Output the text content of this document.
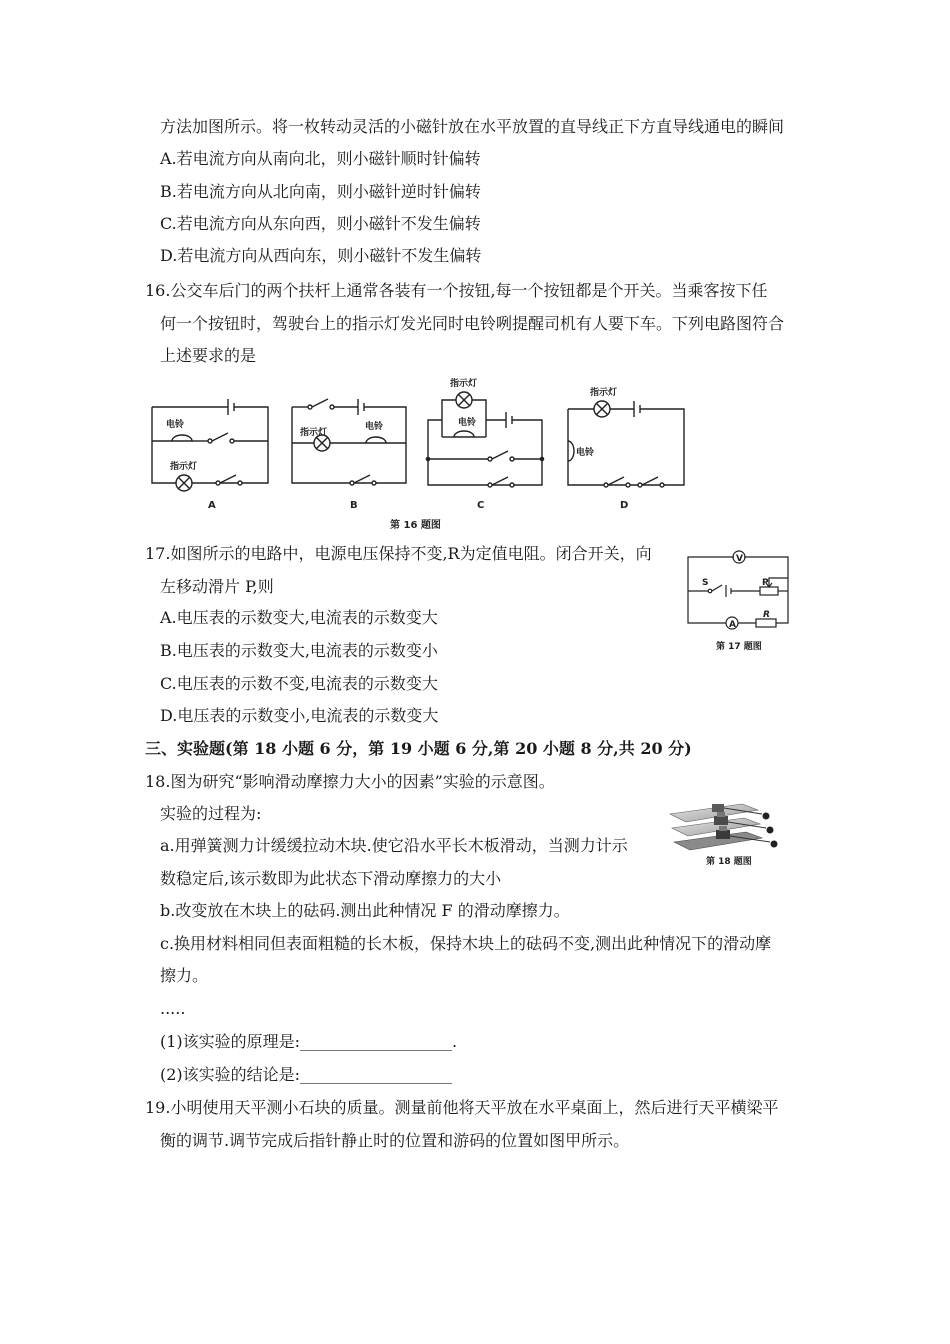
方法加图所示。将一枚转动灵活的小磁针放在水平放置的直导线正下方直导线通电的瞬间
A.若电流方向从南向北，则小磁针顺时针偏转
B.若电流方向从北向南，则小磁针逆时针偏转
C.若电流方向从东向西，则小磁针不发生偏转
D.若电流方向从西向东，则小磁针不发生偏转
16.公交车后门的两个扶杆上通常各装有一个按钮,每一个按钮都是个开关。当乘客按下任
何一个按钮时，驾驶台上的指示灯发光同时电铃咧提醒司机有人要下车。下列电路图符合
上述要求的是
电铃
指示灯
指示灯
电铃
指示灯
电铃
指示灯
电铃
A	B	C	D
第 16 题图
17.如图所示的电路中，电源电压保持不变,R为定值电阻。闭合开关，向
左移动滑片 P,则
A.电压表的示数变大,电流表的示数变大
B.电压表的示数变大,电流表的示数变小
C.电压表的示数不变,电流表的示数变大
D.电压表的示数变小,电流表的示数变大
V
A
S	P
R
第 17 题图
三、实验题(第 18 小题 6 分，第 19 小题 6 分,第 20 小题 8 分,共 20 分)
18.图为研究“影响滑动摩擦力大小的因素”实验的示意图。
实验的过程为:
a.用弹簧测力计缓缓拉动木块.使它沿水平长木板滑动，当测力计示
数稳定后,该示数即为此状态下滑动摩擦力的大小
b.改变放在木块上的砝码.测出此种情况 F 的滑动摩擦力。
c.换用材料相同但表面粗糙的长木板，保持木块上的砝码不变,测出此种情况下的滑动摩
擦力。
.....
(1)该实验的原理是:___________________.
(2)该实验的结论是:___________________
第 18 题图
19.小明使用天平测小石块的质量。测量前他将天平放在水平桌面上，然后进行天平横梁平
衡的调节.调节完成后指针静止时的位置和游码的位置如图甲所示。
